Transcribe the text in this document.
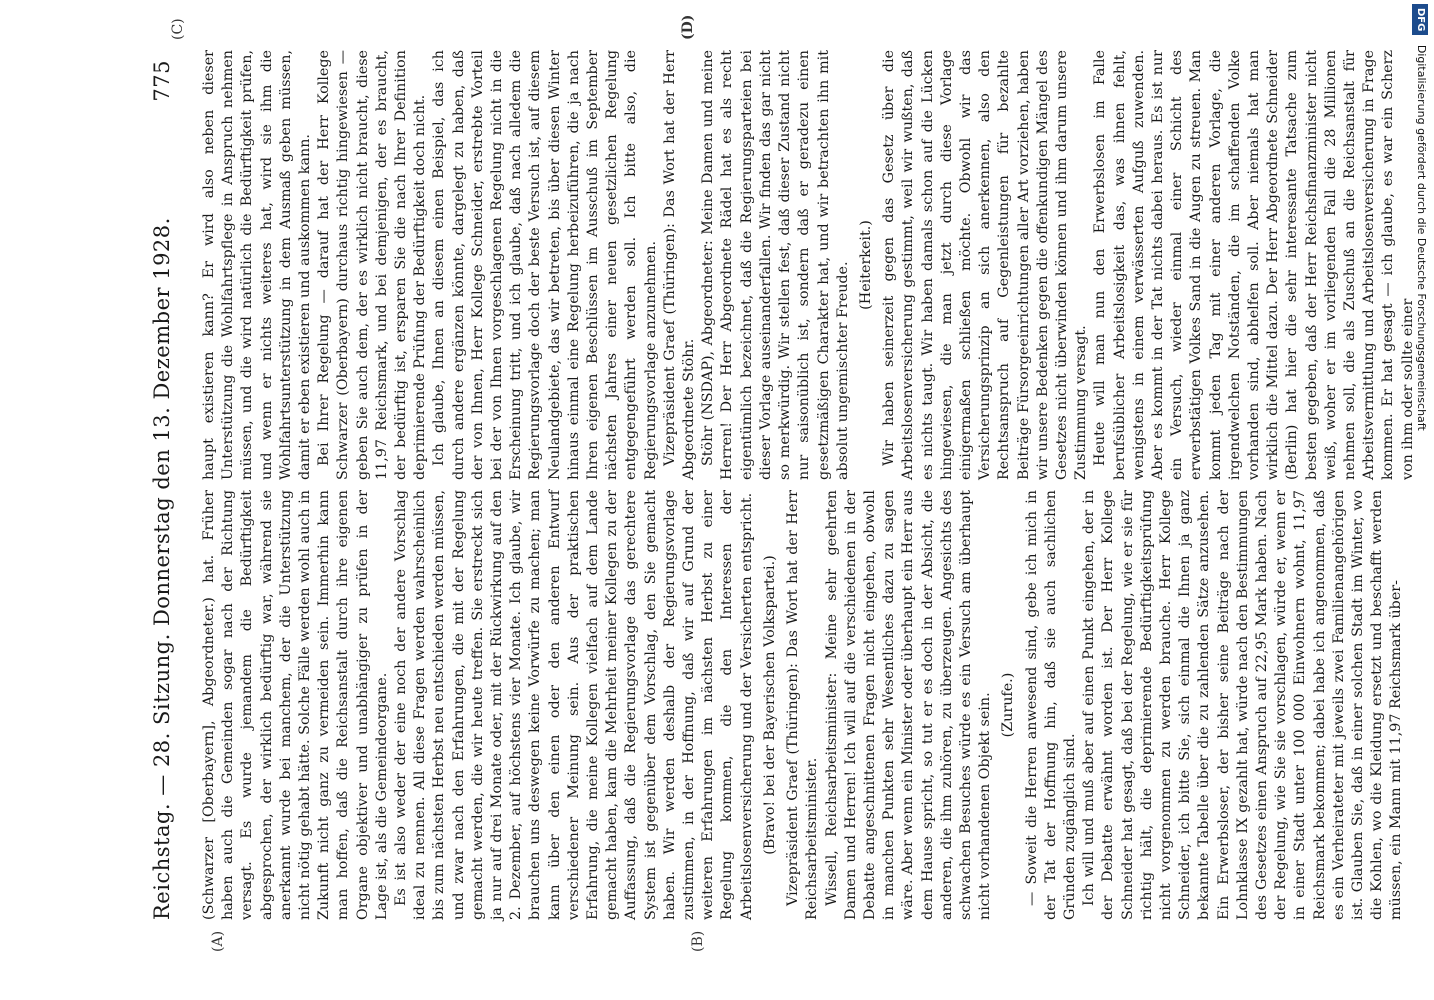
Reichstag. — 28. Sitzung. Donnerstag den 13. Dezember 1928.
775
(A)	(B)
(C)	(D)

(Schwarzer [Oberbayern], Abgeordneter.) hat. Früher haben auch die Gemeinden sogar nach der Richtung versagt. Es wurde jemandem die Bedürftigkeit abgesprochen, der wirklich bedürftig war, während sie anerkannt wurde bei manchem, der die Unterstützung nicht nötig gehabt hätte. Solche Fälle werden wohl auch in Zukunft nicht ganz zu vermeiden sein. Immerhin kann man hoffen, daß die Reichsanstalt durch ihre eigenen Organe objektiver und unabhängiger zu prüfen in der Lage ist, als die Gemeindeorgane. Es ist also weder der eine noch der andere Vorschlag ideal zu nennen. All diese Fragen werden wahrscheinlich bis zum nächsten Herbst neu entschieden werden müssen, und zwar nach den Erfahrungen, die mit der Regelung gemacht werden, die wir heute treffen. Sie erstreckt sich ja nur auf drei Monate oder, mit der Rückwirkung auf den 2. Dezember, auf höchstens vier Monate. Ich glaube, wir brauchen uns deswegen keine Vorwürfe zu machen; man kann über den einen oder den anderen Entwurf verschiedener Meinung sein. Aus der praktischen Erfahrung, die meine Kollegen vielfach auf dem Lande gemacht haben, kam die Mehrheit meiner Kollegen zu der Auffassung, daß die Regierungsvorlage das gerechtere System ist gegenüber dem Vorschlag, den Sie gemacht haben. Wir werden deshalb der Regierungsvorlage zustimmen, in der Hoffnung, daß wir auf Grund der weiteren Erfahrungen im nächsten Herbst zu einer Regelung kommen, die den Interessen der Arbeitslosenversicherung und der Versicherten entspricht. (Bravo! bei der Bayerischen Volkspartei.) Vizepräsident Graef (Thüringen): Das Wort hat der Herr Reichsarbeitsminister. Wissell, Reichsarbeitsminister: Meine sehr geehrten Damen und Herren! Ich will auf die verschiedenen in der Debatte angeschnittenen Fragen nicht eingehen, obwohl in manchen Punkten sehr Wesentliches dazu zu sagen wäre. Aber wenn ein Minister oder überhaupt ein Herr aus dem Hause spricht, so tut er es doch in der Absicht, die anderen, die ihm zuhören, zu überzeugen. Angesichts des schwachen Besuches würde es ein Versuch am überhaupt nicht vorhandenen Objekt sein. (Zurufe.) — Soweit die Herren anwesend sind, gebe ich mich in der Tat der Hoffnung hin, daß sie auch sachlichen Gründen zugänglich sind. Ich will und muß aber auf einen Punkt eingehen, der in der Debatte erwähnt worden ist. Der Herr Kollege Schneider hat gesagt, daß bei der Regelung, wie er sie für richtig hält, die deprimierende Bedürftigkeitsprüfung nicht vorgenommen zu werden brauche. Herr Kollege Schneider, ich bitte Sie, sich einmal die Ihnen ja ganz bekannte Tabelle über die zu zahlenden Sätze anzusehen. Ein Erwerbsloser, der bisher seine Beiträge nach der Lohnklasse IX gezahlt hat, würde nach den Bestimmungen des Gesetzes einen Anspruch auf 22,95 Mark haben. Nach der Regelung, wie Sie sie vorschlagen, würde er, wenn er in einer Stadt unter 100 000 Einwohnern wohnt, 11,97 Reichsmark bekommen; dabei habe ich angenommen, daß es ein Verheirateter mit jeweils zwei Familienangehörigen ist. Glauben Sie, daß in einer solchen Stadt im Winter, wo die Kohlen, wo die Kleidung ersetzt und beschafft werden müssen, ein Mann mit 11,97 Reichsmark über-

haupt existieren kann? Er wird also neben dieser Unterstützung die Wohlfahrtspflege in Anspruch nehmen müssen, und die wird natürlich die Bedürftigkeit prüfen, und wenn er nichts weiteres hat, wird sie ihm die Wohlfahrtsunterstützung in dem Ausmaß geben müssen, damit er eben existieren und auskommen kann. Bei Ihrer Regelung — darauf hat der Herr Kollege Schwarzer (Oberbayern) durchaus richtig hingewiesen — geben Sie auch dem, der es wirklich nicht braucht, diese 11,97 Reichsmark, und bei demjenigen, der es braucht, der bedürftig ist, ersparen Sie die nach Ihrer Definition deprimierende Prüfung der Bedürftigkeit doch nicht. Ich glaube, Ihnen an diesem einen Beispiel, das ich durch andere ergänzen könnte, dargelegt zu haben, daß der von Ihnen, Herr Kollege Schneider, erstrebte Vorteil bei der von Ihnen vorgeschlagenen Regelung nicht in die Erscheinung tritt, und ich glaube, daß nach alledem die Regierungsvorlage doch der beste Versuch ist, auf diesem Neulandgebiete, das wir betreten, bis über diesen Winter hinaus einmal eine Regelung herbeizuführen, die ja nach Ihren eigenen Beschlüssen im Ausschuß im September nächsten Jahres einer neuen gesetzlichen Regelung entgegengeführt werden soll. Ich bitte also, die Regierungsvorlage anzunehmen. Vizepräsident Graef (Thüringen): Das Wort hat der Herr Abgeordnete Stöhr. Stöhr (NSDAP), Abgeordneter: Meine Damen und meine Herren! Der Herr Abgeordnete Rädel hat es als recht eigentümlich bezeichnet, daß die Regierungsparteien bei dieser Vorlage auseinanderfallen. Wir finden das gar nicht so merkwürdig. Wir stellen fest, daß dieser Zustand nicht nur saisonüblich ist, sondern daß er geradezu einen gesetzmäßigen Charakter hat, und wir betrachten ihn mit absolut ungemischter Freude. (Heiterkeit.) Wir haben seinerzeit gegen das Gesetz über die Arbeitslosenversicherung gestimmt, weil wir wußten, daß es nichts taugt. Wir haben damals schon auf die Lücken hingewiesen, die man jetzt durch diese Vorlage einigermaßen schließen möchte. Obwohl wir das Versicherungsprinzip an sich anerkennen, also den Rechtsanspruch auf Gegenleistungen für bezahlte Beiträge Fürsorgeeinrichtungen aller Art vorziehen, haben wir unsere Bedenken gegen die offenkundigen Mängel des Gesetzes nicht überwinden können und ihm darum unsere Zustimmung versagt. Heute will man nun den Erwerbslosen im Falle berufsüblicher Arbeitslosigkeit das, was ihnen fehlt, wenigstens in einem verwässerten Aufguß zuwenden. Aber es kommt in der Tat nichts dabei heraus. Es ist nur ein Versuch, wieder einmal einer Schicht des erwerbstätigen Volkes Sand in die Augen zu streuen. Man kommt jeden Tag mit einer anderen Vorlage, die irgendwelchen Notständen, die im schaffenden Volke vorhanden sind, abhelfen soll. Aber niemals hat man wirklich die Mittel dazu. Der Herr Abgeordnete Schneider (Berlin) hat hier die sehr interessante Tatsache zum besten gegeben, daß der Herr Reichsfinanzminister nicht weiß, woher er im vorliegenden Fall die 28 Millionen nehmen soll, die als Zuschuß an die Reichsanstalt für Arbeitsvermittlung und Arbeitslosenversicherung in Frage kommen. Er hat gesagt — ich glaube, es war ein Scherz von ihm oder sollte einer

DFG Digitalisierung gefördert durch die Deutsche Forschungsgemeinschaft
